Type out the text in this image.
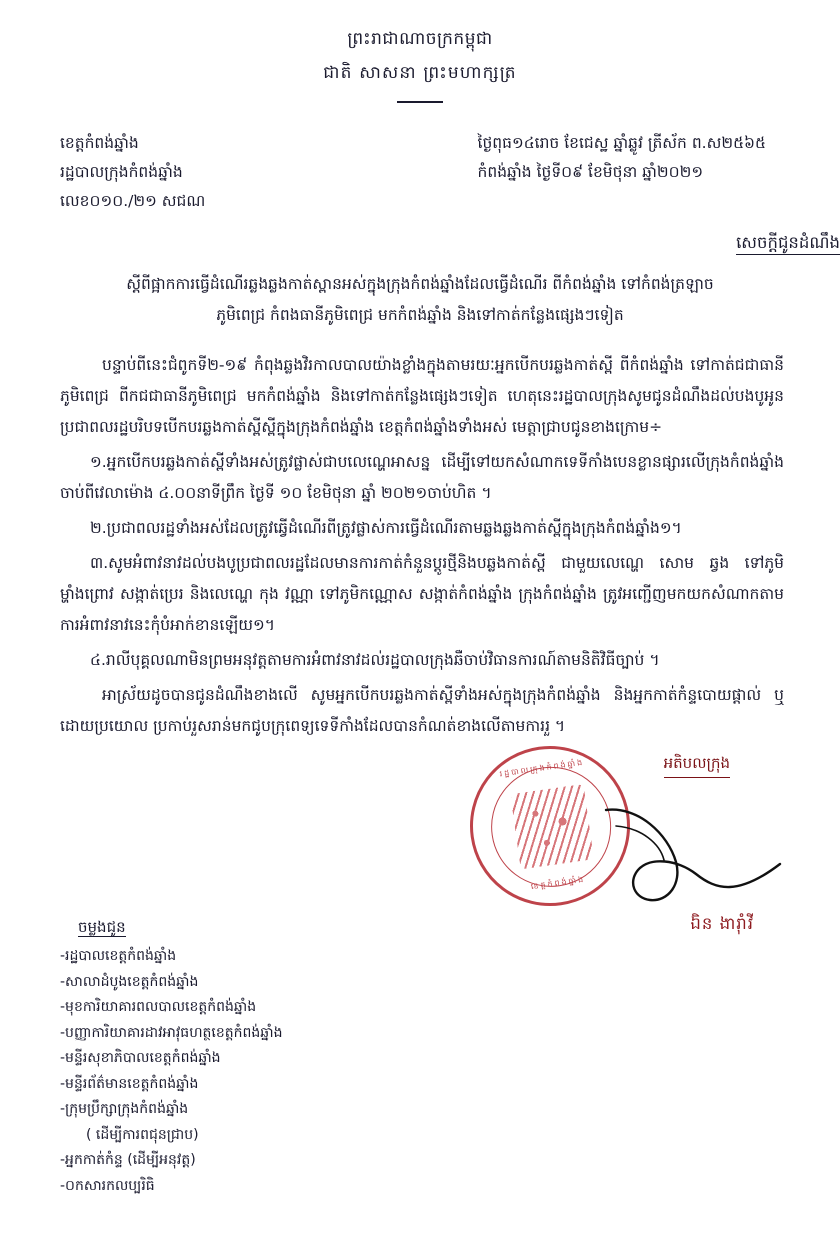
ព្រះរាជាណាចក្រកម្ពុជា
ជាតិ សាសនា ព្រះមហាក្សត្រ
ខេត្តកំពង់ឆ្នាំង
រដ្ឋបាលក្រុងកំពង់ឆ្នាំង
លេខ០១០./២១ សជណ
ថ្ងៃពុធ១៤រោច ខែជេស្ឋ ឆ្នាំឆ្លូវ ត្រីស័ក ព.ស២៥៦៥
កំពង់ឆ្នាំង ថ្ងៃទី០៩ ខែមិថុនា ឆ្នាំ២០២១
សេចក្តីជូនដំណឹង
ស្តីពីផ្អាកការធ្វើដំណើរឆ្លងឆ្លងកាត់ស្ពានអស់ក្នុងក្រុងកំពង់ឆ្នាំងដែលធ្វើដំណើរ ពីកំពង់ឆ្នាំង ទៅកំពង់ត្រឡាច
ភូមិពេជ្រ កំពងធានីភូមិពេជ្រ មកកំពង់ឆ្នាំង និងទៅកាត់កន្លែងផ្សេងៗទៀត
បន្ទាប់ពីនេះជំពូកទី២-១៩ កំពុងឆ្លងវិរកាលបាលយ៉ាងខ្លាំងក្នុងតាមរយៈអ្នកបើកបរឆ្លងកាត់ស្ពី ពីកំពង់ឆ្នាំង ទៅកាត់ជជាធានីភូមិពេជ្រ ពីកជជាធានីភូមិពេជ្រ មកកំពង់ឆ្នាំង និងទៅកាត់កន្លែងផ្សេងៗទៀត ហេតុនេះរដ្ឋបាលក្រុងសូមជូនដំណឹងដល់បងបូអូនប្រជាពលរដ្ឋបរិបទបើកបរឆ្លងកាត់ស្ពីស្ពីក្នុងក្រុងកំពង់ឆ្នាំង ខេត្តកំពង់ឆ្នាំងទាំងអស់ មេត្តាជ្រាបជូនខាងក្រោម÷
១.អ្នកបើកបរឆ្លងកាត់ស្ពីទាំងអស់ត្រូវផ្លាស់ជាបលេណ្ហេអាសន្ន ដើម្បីទៅយកសំណាកទេទីកាំងបេនខ្លានផ្សារលើក្រុងកំពង់ឆ្នាំង ចាប់ពីវេលាម៉ោង ៤.០០នាទីព្រឹក ថ្ងៃទី ១០ ខែមិថុនា ឆ្នាំ ២០២១ចាប់ហិត ។
២.ប្រជាពលរដ្ឋទាំងអស់ដែលត្រូវឆ្វើដំណើរពីត្រូវផ្លាស់ការធ្វើដំណើរតាមឆ្លងឆ្លងកាត់ស្ពីក្នុងក្រុងកំពង់ឆ្នាំង១។
៣.សូមអំពាវនាវដល់បងបូប្រជាពលរដ្ឋដែលមានការកាត់កំនួនប្តូរថ្មីនិងបឆ្លងកាត់ស្ពី ជាមួយលេណ្ហេ សោម ឆ្វង ទៅភូមិម្ហាំងព្រោវ សង្កាត់ប្រេរ និងលេណ្ហេ កុង វណ្ណា ទៅភូមិកណ្ណោស សង្កាត់កំពង់ឆ្នាំង ក្រុងកំពង់ឆ្នាំង ត្រូវអញ្ជើញមកយកសំណាកតាមការអំពាវនាវនេះកុំបំអាក់ខានឡើយ១។
៤.រាលីបុគ្គលណាមិនព្រមអនុវត្តតាមការអំពាវនាវដល់រដ្ឋបាលក្រុងឆឺចាប់វិធានការណ៍តាមនិតិវិធីច្បាប់ ។
អាស្រ័យដូចបានជូនដំណឹងខាងលើ សូមអ្នកបើកបរឆ្លងកាត់ស្ពីទាំងអស់ក្នុងក្រុងកំពង់ឆ្នាំង និងអ្នកកាត់កំន្ទបោយផ្តាល់ ឬដោយប្រយោល ប្រកាប់រួសរាន់មកជូបក្រុពេទ្យទេទីកាំងដែលបានកំណត់ខាងលើតាមការរួ ។
អតិបលក្រុង
រដ្ឋបាលក្រុងកំពង់ឆ្នាំង
ខេត្តកំពង់ឆ្នាំង
ឯិន ងារ៉ាំវី
ចម្លងជូន
-រដ្ឋបាលខេត្តកំពង់ឆ្នាំង
-សាលាដំបូងខេត្តកំពង់ឆ្នាំង
-មុខការិយាគារពលបាលខេត្តកំពង់ឆ្នាំង
-បញ្ញាការិយាគារដាវអាវុធហត្ថខេត្តកំពង់ឆ្នាំង
-មន្ទីរសុខាភិបាលខេត្តកំពង់ឆ្នាំង
-មន្ទីរព័ត៌មានខេត្តកំពង់ឆ្នាំង
-ក្រុមប្រឹក្សាក្រុងកំពង់ឆ្នាំង
( ដើម្បីការពជុនជ្រាប)
-អ្នកកាត់កំន្ទ (ដើម្បីអនុវត្ត)
-០កសារកលប្បរិធិ
